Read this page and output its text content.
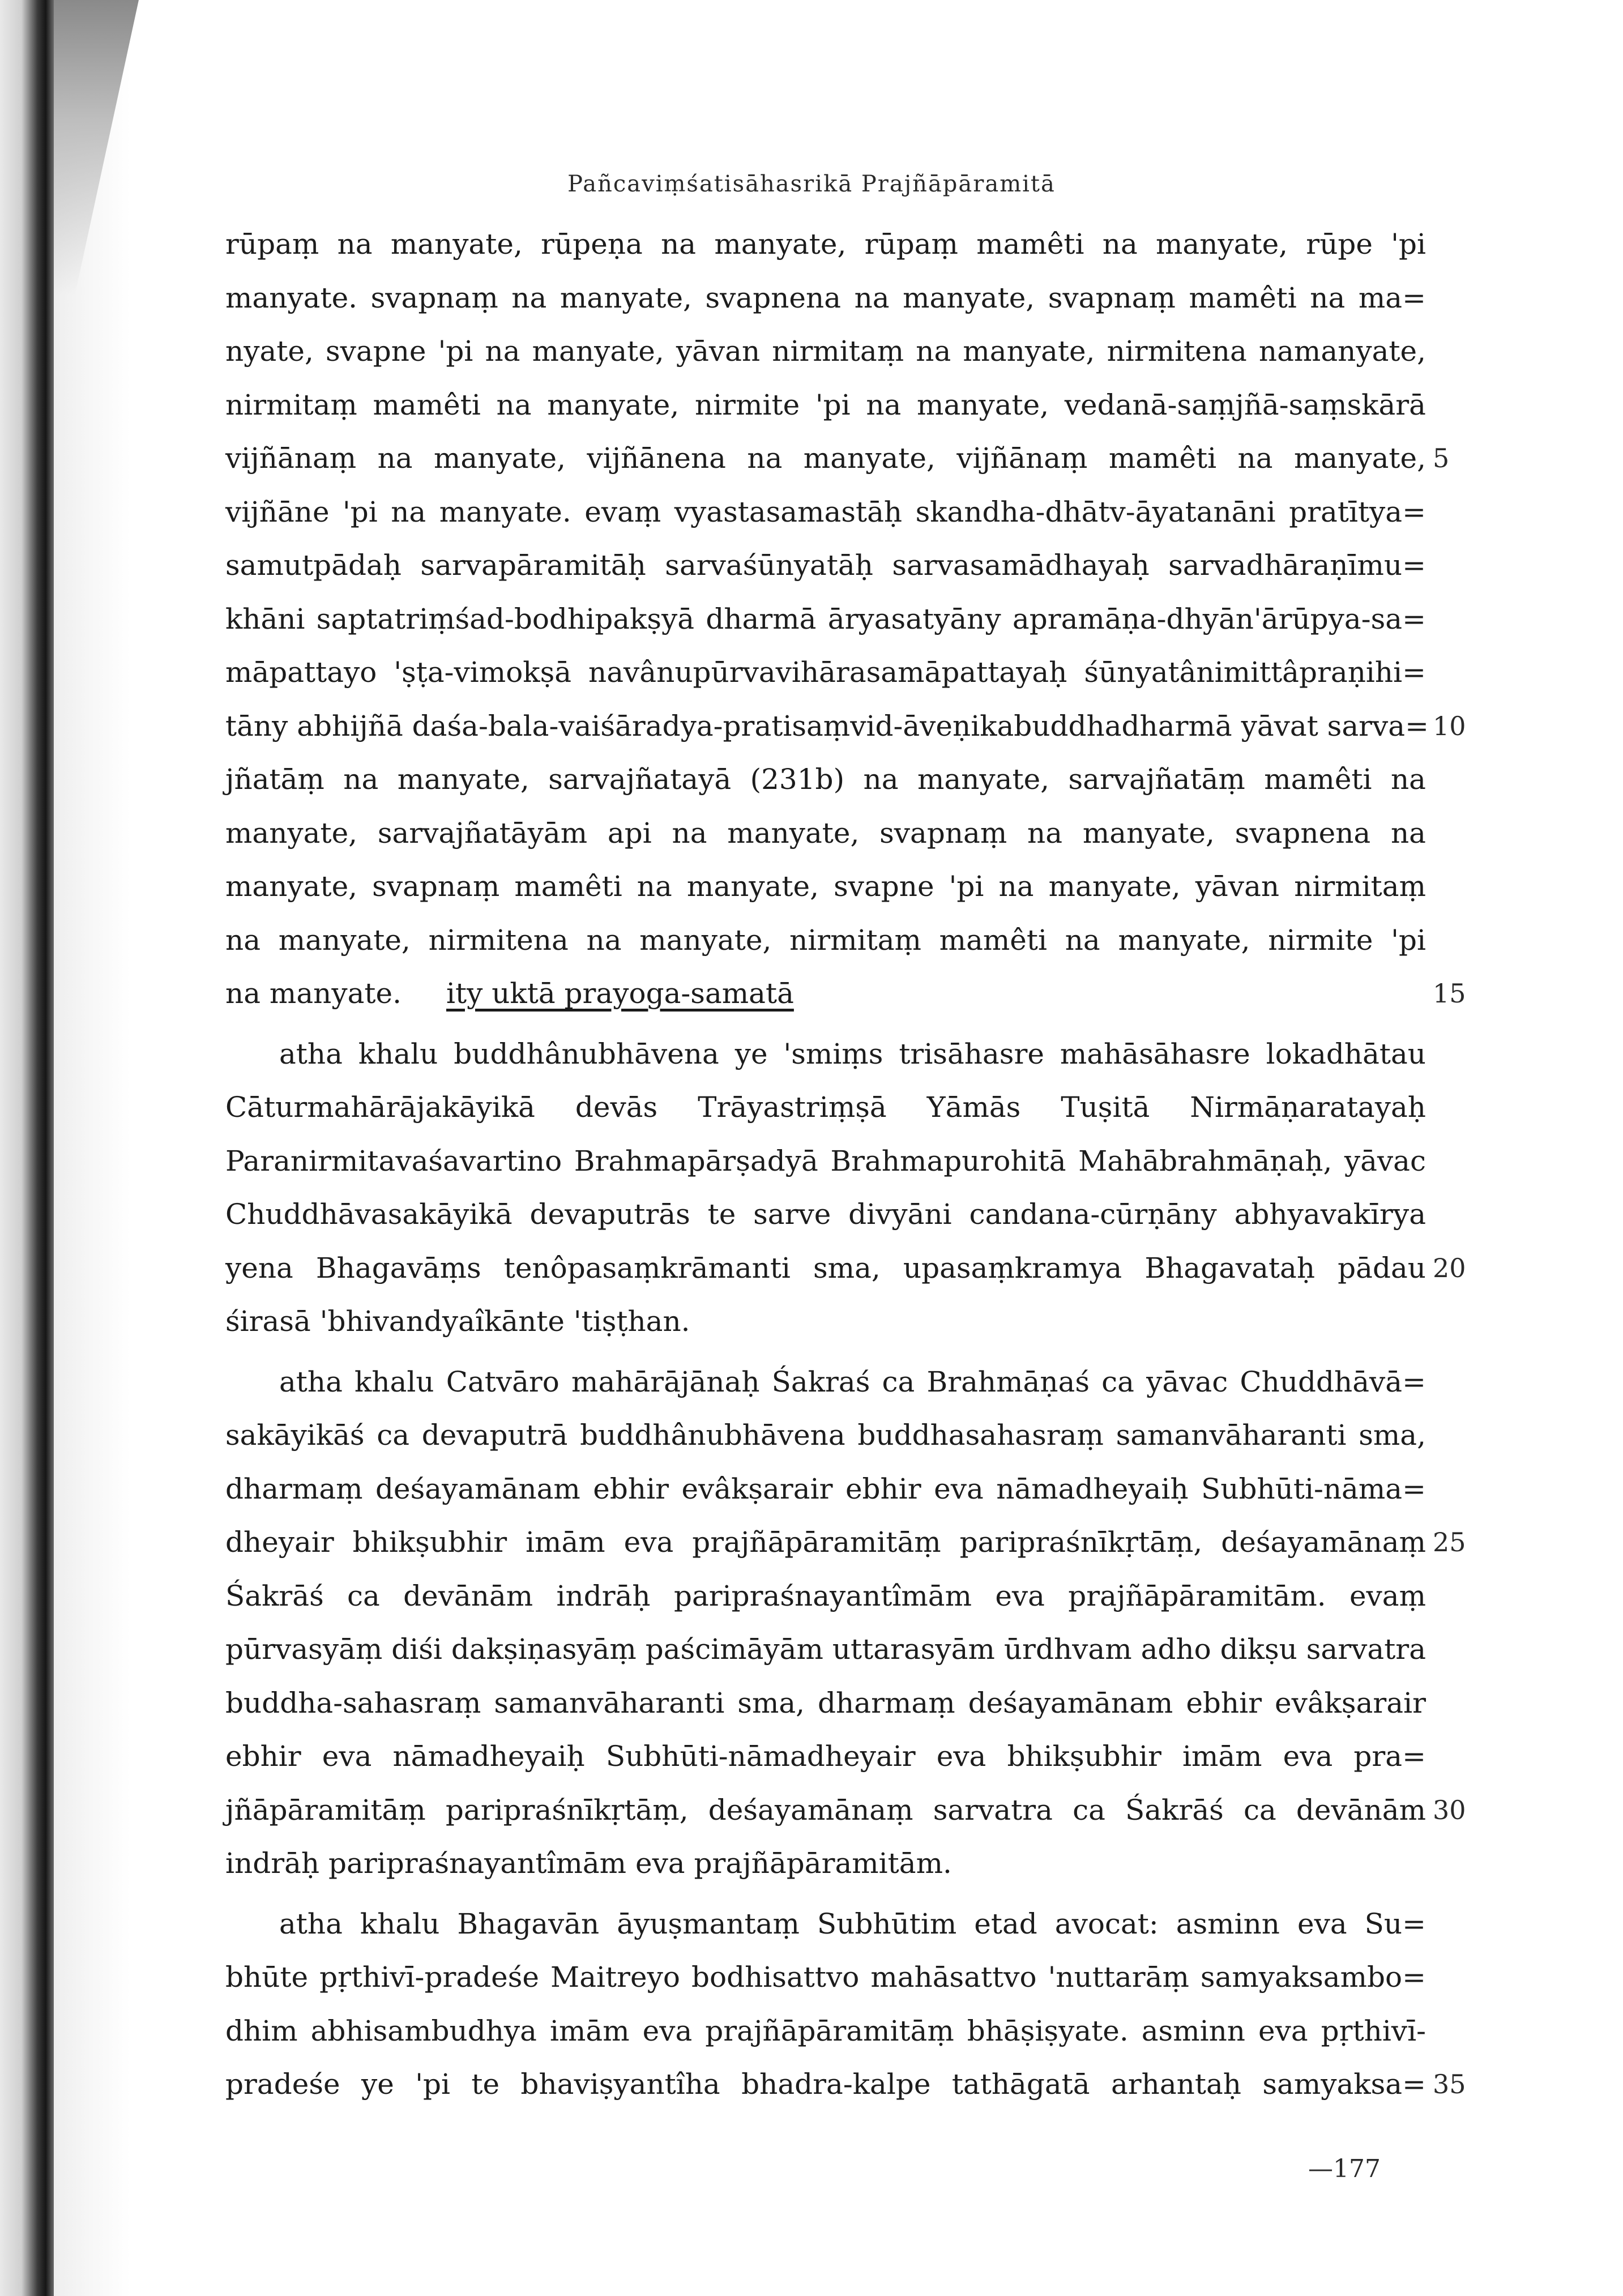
Pañcaviṃśatisāhasrikā Prajñāpāramitā
rūpaṃ na manyate, rūpeṇa na manyate, rūpaṃ mamêti na manyate, rūpe 'pi
manyate. svapnaṃ na manyate, svapnena na manyate, svapnaṃ mamêti na ma=
nyate, svapne 'pi na manyate, yāvan nirmitaṃ na manyate, nirmitena namanyate,
nirmitaṃ mamêti na manyate, nirmite 'pi na manyate, vedanā-saṃjñā-saṃskārā
vijñānaṃ na manyate, vijñānena na manyate, vijñānaṃ mamêti na manyate, 5
vijñāne 'pi na manyate. evaṃ vyastasamastāḥ skandha-dhātv-āyatanāni pratītya=
samutpādaḥ sarvapāramitāḥ sarvaśūnyatāḥ sarvasamādhayaḥ sarvadhāraṇīmu=
khāni saptatriṃśad-bodhipakṣyā dharmā āryasatyāny apramāṇa-dhyān'ārūpya-sa=
māpattayo 'ṣṭa-vimokṣā navânupūrvavihārasamāpattayaḥ śūnyatânimittâpraṇihi=
tāny abhijñā daśa-bala-vaiśāradya-pratisaṃvid-āveṇikabuddhadharmā yāvat sarva= 10
jñatāṃ na manyate, sarvajñatayā (231b) na manyate, sarvajñatāṃ mamêti na
manyate, sarvajñatāyām api na manyate, svapnaṃ na manyate, svapnena na
manyate, svapnaṃ mamêti na manyate, svapne 'pi na manyate, yāvan nirmitaṃ
na manyate, nirmitena na manyate, nirmitaṃ mamêti na manyate, nirmite 'pi
na manyate. ity uktā prayoga-samatā	15
atha khalu buddhânubhāvena ye 'smiṃs trisāhasre mahāsāhasre lokadhātau
Cāturmahārājakāyikā devās Trāyastriṃṣā Yāmās Tuṣitā Nirmāṇaratayaḥ
Paranirmitavaśavartino Brahmapārṣadyā Brahmapurohitā Mahābrahmāṇaḥ, yāvac
Chuddhāvasakāyikā devaputrās te sarve divyāni candana-cūrṇāny abhyavakīrya
yena Bhagavāṃs tenôpasaṃkrāmanti sma, upasaṃkramya Bhagavataḥ pādau 20
śirasā 'bhivandyaîkānte 'tiṣṭhan.
atha khalu Catvāro mahārājānaḥ Śakraś ca Brahmāṇaś ca yāvac Chuddhāvā=
sakāyikāś ca devaputrā buddhânubhāvena buddhasahasraṃ samanvāharanti sma,
dharmaṃ deśayamānam ebhir evâkṣarair ebhir eva nāmadheyaiḥ Subhūti-nāma=
dheyair bhikṣubhir imām eva prajñāpāramitāṃ paripraśnīkṛtāṃ, deśayamānaṃ 25
Śakrāś ca devānām indrāḥ paripraśnayantîmām eva prajñāpāramitām. evaṃ
pūrvasyāṃ diśi dakṣiṇasyāṃ paścimāyām uttarasyām ūrdhvam adho dikṣu sarvatra
buddha-sahasraṃ samanvāharanti sma, dharmaṃ deśayamānam ebhir evâkṣarair
ebhir eva nāmadheyaiḥ Subhūti-nāmadheyair eva bhikṣubhir imām eva pra=
jñāpāramitāṃ paripraśnīkṛtāṃ, deśayamānaṃ sarvatra ca Śakrāś ca devānām 30
indrāḥ paripraśnayantîmām eva prajñāpāramitām.
atha khalu Bhagavān āyuṣmantaṃ Subhūtim etad avocat: asminn eva Su=
bhūte pṛthivī-pradeśe Maitreyo bodhisattvo mahāsattvo 'nuttarāṃ samyaksambo=
dhim abhisambudhya imām eva prajñāpāramitāṃ bhāṣiṣyate. asminn eva pṛthivī-
pradeśe ye 'pi te bhaviṣyantîha bhadra-kalpe tathāgatā arhantaḥ samyaksa= 35
—177
